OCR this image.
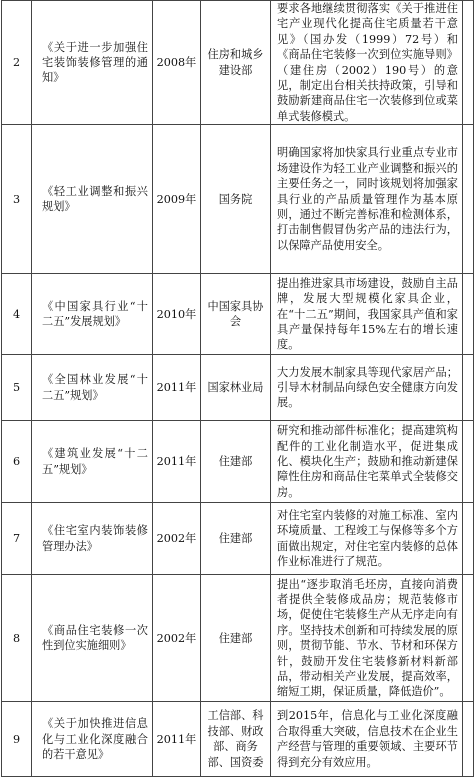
2	《关于进一步加强住宅装饰装修管理的通知》	2008年	住房和城乡建设部	要求各地继续贯彻落实《关于推进住宅产业现代化提高住宅质量若干意见》（国办发（1999）72号）和《商品住宅装修一次到位实施导则》（建住房（2002）190号）的意见，制定出台相关扶持政策，引导和鼓励新建商品住宅一次装修到位或菜单式装修模式。	
3	《轻工业调整和振兴规划》	2009年	国务院	明确国家将加快家具行业重点专业市场建设作为轻工业产业调整和振兴的主要任务之一，同时该规划将加强家具行业的产品质量管理作为基本原则，通过不断完善标准和检测体系，打击制售假冒伪劣产品的违法行为，以保障产品使用安全。	
4	《中国家具行业“十二五”发展规划》	2010年	中国家具协会	提出推进家具市场建设，鼓励自主品牌，发展大型规模化家具企业，在“十二五”期间，我国家具产值和家具产量保持每年15%左右的增长速度。	
5	《全国林业发展“十二五”规划》	2011年	国家林业局	大力发展木制家具等现代家居产品；引导木材制品向绿色安全健康方向发展。	
6	《建筑业发展“十二五”规划》	2011年	住建部	研究和推动部件标准化；提高建筑构配件的工业化制造水平，促进集成化、模块化生产；鼓励和推动新建保障性住房和商品住宅菜单式全装修交房。	
7	《住宅室内装饰装修管理办法》	2002年	住建部	对住宅室内装修的对施工标准、室内环境质量、工程竣工与保修等多个方面做出规定，对住宅室内装修的总体作业标准进行了规范。	
8	《商品住宅装修一次性到位实施细则》	2002年	住建部	提出“逐步取消毛坯房，直接向消费者提供全装修成品房；规范装修市场，促使住宅装修生产从无序走向有序。坚持技术创新和可持续发展的原则，贯彻节能、节水、节材和环保方针，鼓励开发住宅装修新材料新部品，带动相关产业发展，提高效率，缩短工期，保证质量，降低造价”。	
9	《关于加快推进信息化与工业化深度融合的若干意见》	2011年	工信部、科技部、财政部、商务部、国资委	到2015年，信息化与工业化深度融合取得重大突破，信息技术在企业生产经营与管理的重要领域、主要环节得到充分有效应用。	
